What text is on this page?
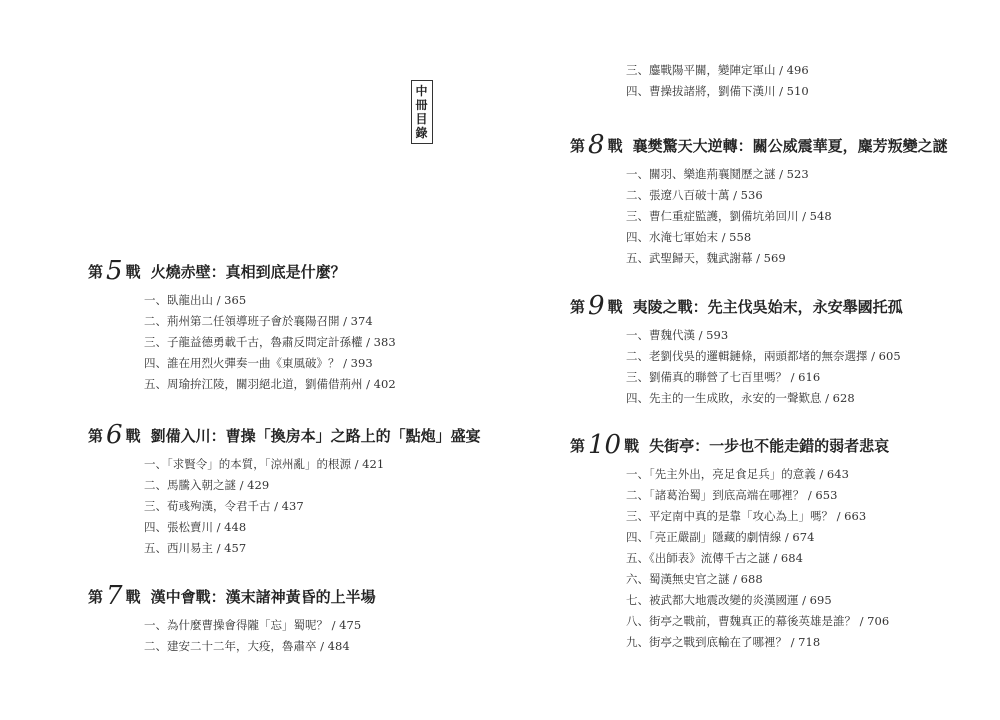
中
冊
目
錄
第 5 戰 火燒赤壁：真相到底是什麼？
一、臥龍出山 / 365
二、荊州第二任領導班子會於襄陽召開 / 374
三、子龍益德勇載千古，魯肅反問定計孫權 / 383
四、誰在用烈火彈奏一曲《東風破》？ / 393
五、周瑜拚江陵，關羽絕北道，劉備借荊州 / 402
第 6 戰 劉備入川：曹操「換房本」之路上的「點炮」盛宴
一、「求賢令」的本質，「涼州亂」的根源 / 421
二、馬騰入朝之謎 / 429
三、荀彧殉漢，令君千古 / 437
四、張松賣川 / 448
五、西川易主 / 457
第 7 戰 漢中會戰：漢末諸神黃昏的上半場
一、為什麼曹操會得隴「忘」蜀呢？ / 475
二、建安二十二年，大疫，魯肅卒 / 484
三、鏖戰陽平關，變陣定軍山 / 496
四、曹操拔諸將，劉備下漢川 / 510
第 8 戰 襄樊驚天大逆轉：關公威震華夏，麋芳叛變之謎
一、關羽、樂進荊襄鬩歷之謎 / 523
二、張遼八百破十萬 / 536
三、曹仁重症監護，劉備坑弟回川 / 548
四、水淹七軍始末 / 558
五、武聖歸天，魏武謝幕 / 569
第 9 戰 夷陵之戰：先主伐吳始末，永安舉國托孤
一、曹魏代漢 / 593
二、老劉伐吳的邏輯鏈條，兩頭都堵的無奈選擇 / 605
三、劉備真的聯營了七百里嗎？ / 616
四、先主的一生成敗，永安的一聲歎息 / 628
第 10 戰 失街亭：一步也不能走錯的弱者悲哀
一、「先主外出，亮足食足兵」的意義 / 643
二、「諸葛治蜀」到底高端在哪裡？ / 653
三、平定南中真的是靠「攻心為上」嗎？ / 663
四、「亮正嚴副」隱藏的劇情線 / 674
五、《出師表》流傳千古之謎 / 684
六、蜀漢無史官之謎 / 688
七、被武都大地震改變的炎漢國運 / 695
八、街亭之戰前，曹魏真正的幕後英雄是誰？ / 706
九、街亭之戰到底輸在了哪裡？ / 718
